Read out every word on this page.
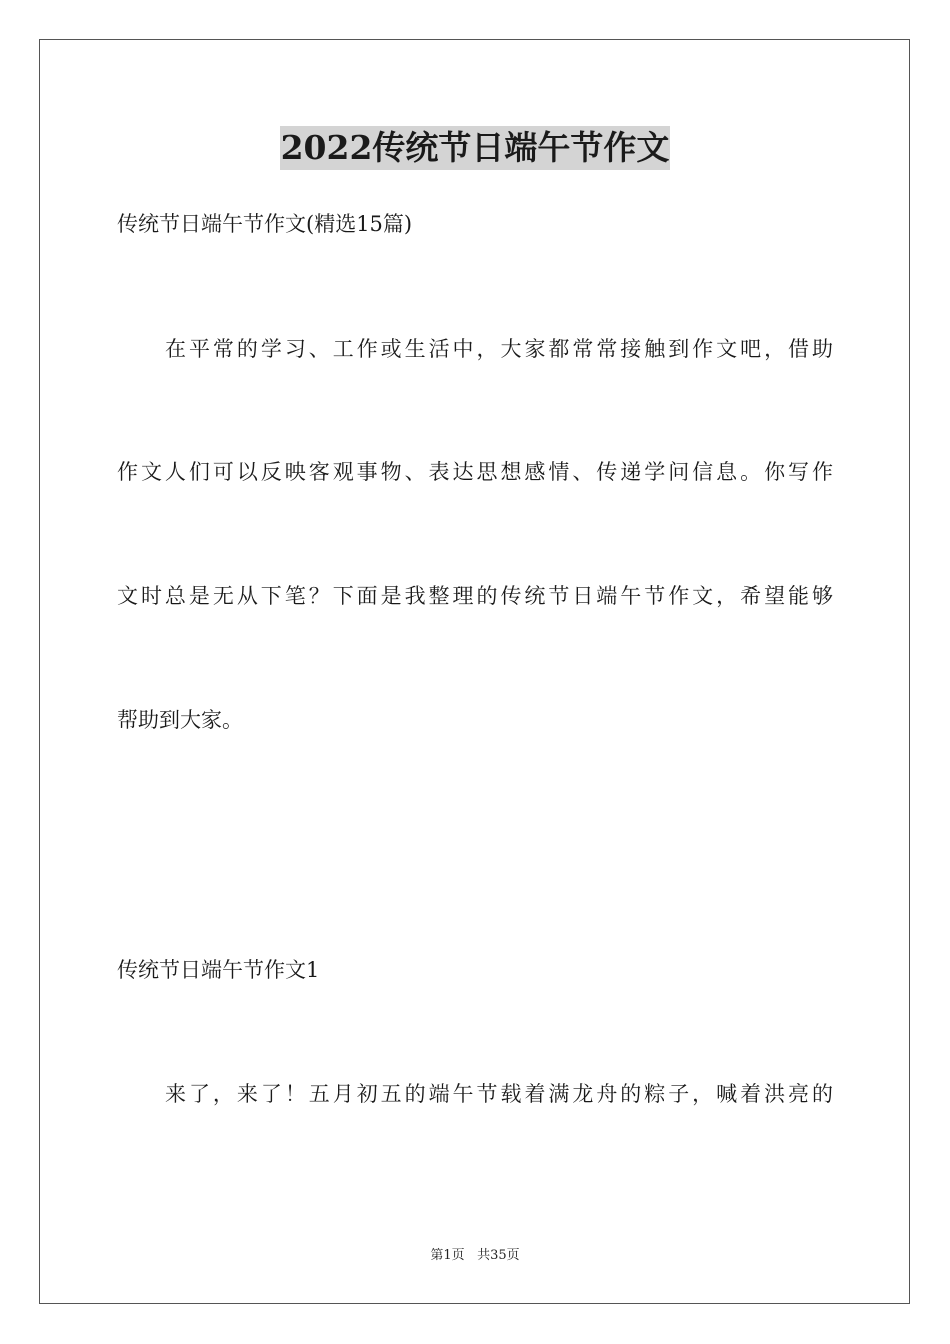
2022传统节日端午节作文
传统节日端午节作文(精选15篇)
在平常的学习、工作或生活中，大家都常常接触到作文吧，借助
作文人们可以反映客观事物、表达思想感情、传递学问信息。你写作
文时总是无从下笔？下面是我整理的传统节日端午节作文，希望能够
帮助到大家。
传统节日端午节作文1
来了，来了！五月初五的端午节载着满龙舟的粽子，喊着洪亮的
第1页 共35页
